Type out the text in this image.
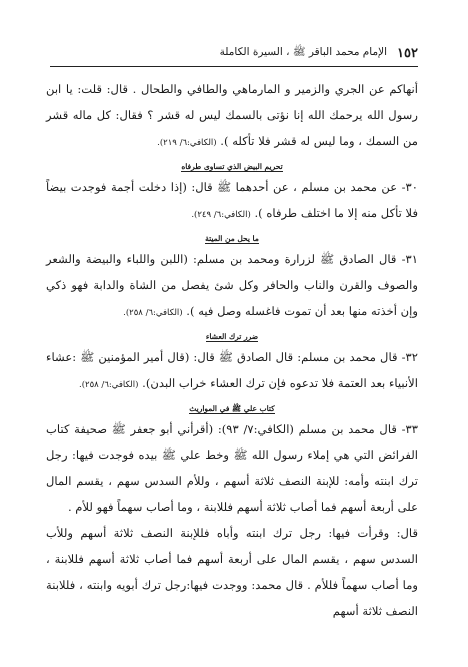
١٥٢
الإمام محمد الباقر ﷺ ، السيرة الكاملة

أنهاكم عن الجري والزمير و المارماهي والطافي والطحال . قال: قلت: يا ابن رسول الله يرحمك الله إنا نؤتى بالسمك ليس له قشر ؟ فقال: كل ماله قشر من السمك ، وما ليس له قشر فلا تأكله ). (الكافي:٦/ ٢١٩).

تحريم البيض الذي تساوى طرفاه

٣٠- عن محمد بن مسلم ، عن أحدهما ﷺ قال: (إذا دخلت أجمة فوجدت بيضاً فلا تأكل منه إلا ما اختلف طرفاه ). (الكافي:٦/ ٢٤٩).

ما يحل من الميتة

٣١- قال الصادق ﷺ لزرارة ومحمد بن مسلم: (اللبن واللباء والبيضة والشعر والصوف والقرن والناب والحافر وكل شئ يفصل من الشاة والدابة فهو ذكي وإن أخذته منها بعد أن تموت فاغسله وصل فيه ). (الكافي:٦/ ٢٥٨).

ضرر ترك العشاء

٣٢- قال محمد بن مسلم: قال الصادق ﷺ قال: (قال أمير المؤمنين ﷺ :عشاء الأنبياء بعد العتمة فلا تدعوه فإن ترك العشاء خراب البدن). (الكافي:٦/ ٢٥٨).

كتاب علي ﷺ في المواريث

٣٣- قال محمد بن مسلم (الكافي:٧/ ٩٣): (أقرأني أبو جعفر ﷺ صحيفة كتاب الفرائض التي هي إملاء رسول الله ﷺ وخط علي ﷺ بيده فوجدت فيها: رجل ترك ابنته وأمه: للإبنة النصف ثلاثة أسهم ، وللأم السدس سهم ، يقسم المال على أربعة أسهم فما أصاب ثلاثة أسهم فللابنة ، وما أصاب سهماً فهو للأم .

قال: وقرأت فيها: رجل ترك ابنته وأباه فللإبنة النصف ثلاثة أسهم وللأب السدس سهم ، يقسم المال على أربعة أسهم فما أصاب ثلاثة أسهم فللابنة ، وما أصاب سهماً فللأم . قال محمد: ووجدت فيها:رجل ترك أبويه وابنته ، فللابنة النصف ثلاثة أسهم
